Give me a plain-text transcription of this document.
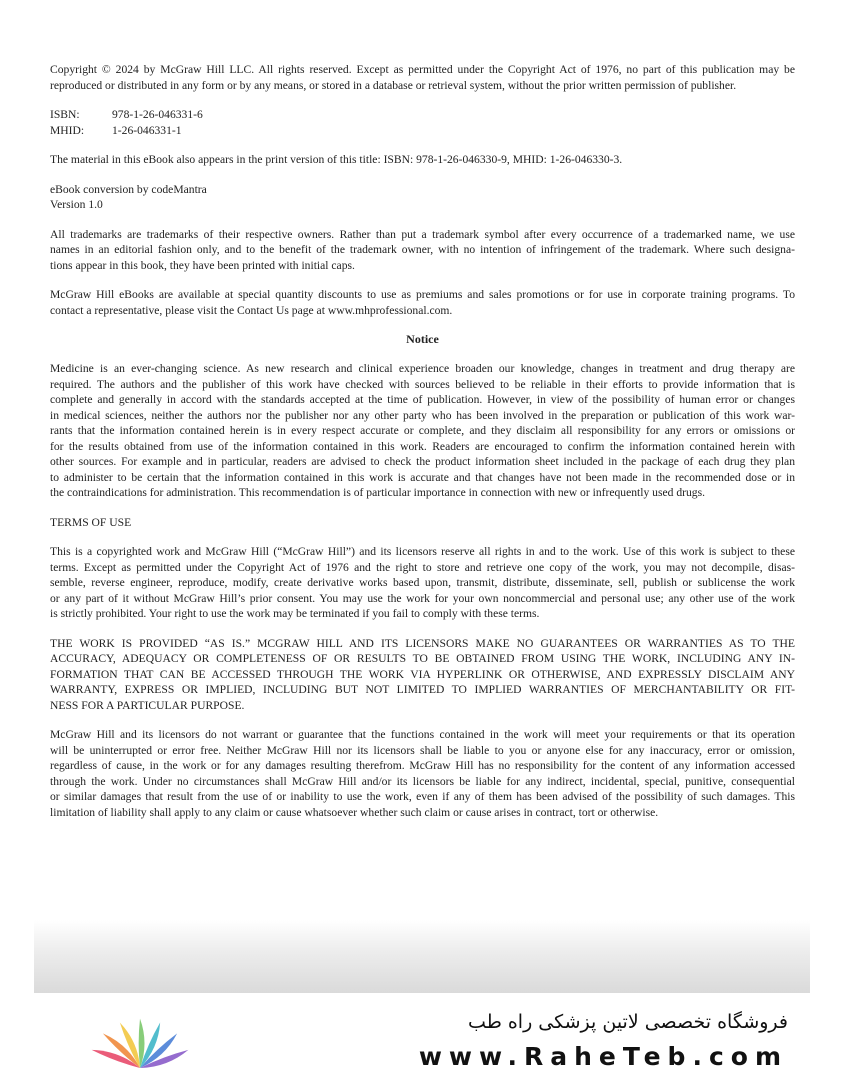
Copyright © 2024 by McGraw Hill LLC. All rights reserved. Except as permitted under the Copyright Act of 1976, no part of this publication may be
reproduced or distributed in any form or by any means, or stored in a database or retrieval system, without the prior written permission of publisher.
ISBN:	978-1-26-046331-6
MHID:	1-26-046331-1
The material in this eBook also appears in the print version of this title: ISBN: 978-1-26-046330-9, MHID: 1-26-046330-3.
eBook conversion by codeMantra
Version 1.0
All trademarks are trademarks of their respective owners. Rather than put a trademark symbol after every occurrence of a trademarked name, we use
names in an editorial fashion only, and to the benefit of the trademark owner, with no intention of infringement of the trademark. Where such designa-
tions appear in this book, they have been printed with initial caps.
McGraw Hill eBooks are available at special quantity discounts to use as premiums and sales promotions or for use in corporate training programs. To
contact a representative, please visit the Contact Us page at www.mhprofessional.com.
Notice
Medicine is an ever-changing science. As new research and clinical experience broaden our knowledge, changes in treatment and drug therapy are
required. The authors and the publisher of this work have checked with sources believed to be reliable in their efforts to provide information that is
complete and generally in accord with the standards accepted at the time of publication. However, in view of the possibility of human error or changes
in medical sciences, neither the authors nor the publisher nor any other party who has been involved in the preparation or publication of this work war-
rants that the information contained herein is in every respect accurate or complete, and they disclaim all responsibility for any errors or omissions or
for the results obtained from use of the information contained in this work. Readers are encouraged to confirm the information contained herein with
other sources. For example and in particular, readers are advised to check the product information sheet included in the package of each drug they plan
to administer to be certain that the information contained in this work is accurate and that changes have not been made in the recommended dose or in
the contraindications for administration. This recommendation is of particular importance in connection with new or infrequently used drugs.
TERMS OF USE
This is a copyrighted work and McGraw Hill (“McGraw Hill”) and its licensors reserve all rights in and to the work. Use of this work is subject to these
terms. Except as permitted under the Copyright Act of 1976 and the right to store and retrieve one copy of the work, you may not decompile, disas-
semble, reverse engineer, reproduce, modify, create derivative works based upon, transmit, distribute, disseminate, sell, publish or sublicense the work
or any part of it without McGraw Hill’s prior consent. You may use the work for your own noncommercial and personal use; any other use of the work
is strictly prohibited. Your right to use the work may be terminated if you fail to comply with these terms.
THE WORK IS PROVIDED “AS IS.” MCGRAW HILL AND ITS LICENSORS MAKE NO GUARANTEES OR WARRANTIES AS TO THE
ACCURACY, ADEQUACY OR COMPLETENESS OF OR RESULTS TO BE OBTAINED FROM USING THE WORK, INCLUDING ANY IN-
FORMATION THAT CAN BE ACCESSED THROUGH THE WORK VIA HYPERLINK OR OTHERWISE, AND EXPRESSLY DISCLAIM ANY
WARRANTY, EXPRESS OR IMPLIED, INCLUDING BUT NOT LIMITED TO IMPLIED WARRANTIES OF MERCHANTABILITY OR FIT-
NESS FOR A PARTICULAR PURPOSE.
McGraw Hill and its licensors do not warrant or guarantee that the functions contained in the work will meet your requirements or that its operation
will be uninterrupted or error free. Neither McGraw Hill nor its licensors shall be liable to you or anyone else for any inaccuracy, error or omission,
regardless of cause, in the work or for any damages resulting therefrom. McGraw Hill has no responsibility for the content of any information accessed
through the work. Under no circumstances shall McGraw Hill and/or its licensors be liable for any indirect, incidental, special, punitive, consequential
or similar damages that result from the use of or inability to use the work, even if any of them has been advised of the possibility of such damages. This
limitation of liability shall apply to any claim or cause whatsoever whether such claim or cause arises in contract, tort or otherwise.
فروشگاه تخصصی لاتین پزشکی راه طب
www.RaheTeb.com
